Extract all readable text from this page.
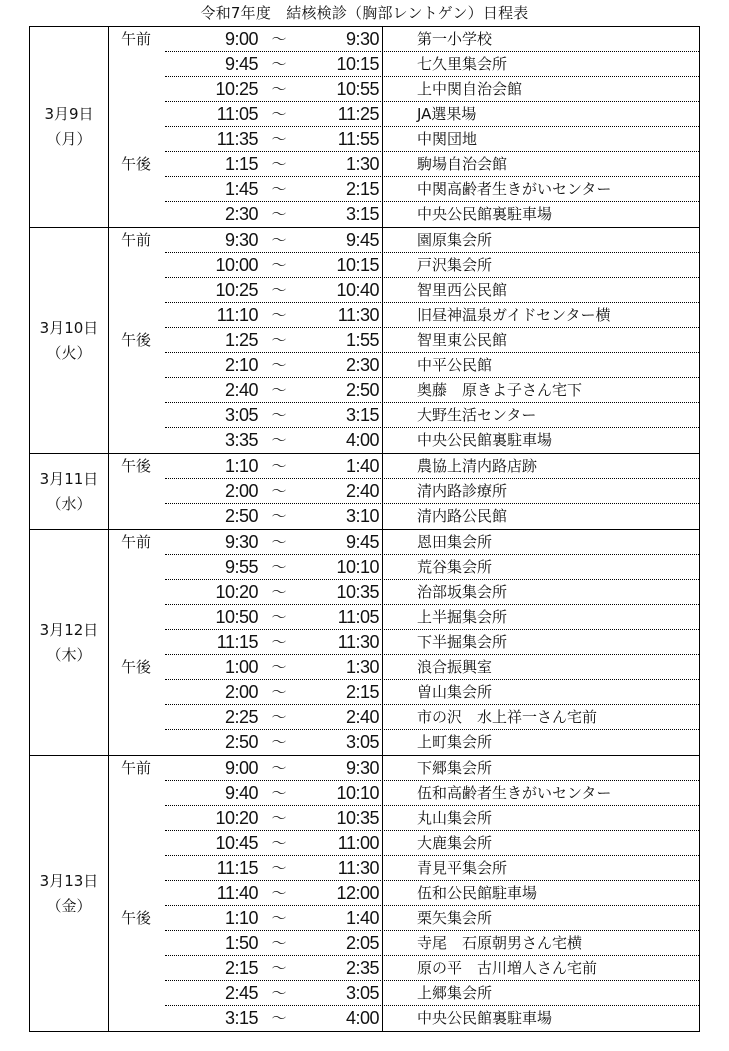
令和7年度　結核検診（胸部レントゲン）日程表
3月9日
（月）
午前	9:00 ～	9:30	第一小学校
9:45 ～	10:15	七久里集会所
10:25 ～	10:55	上中関自治会館
11:05 ～	11:25	JA選果場
11:35 ～	11:55	中関団地
午後	1:15 ～	1:30	駒場自治会館
1:45 ～	2:15	中関高齢者生きがいセンター
2:30 ～	3:15	中央公民館裏駐車場
3月10日
（火）
午前	9:30 ～	9:45	園原集会所
10:00 ～	10:15	戸沢集会所
10:25 ～	10:40	智里西公民館
11:10 ～	11:30	旧昼神温泉ガイドセンター横
午後	1:25 ～	1:55	智里東公民館
2:10 ～	2:30	中平公民館
2:40 ～	2:50	奥藤　原きよ子さん宅下
3:05 ～	3:15	大野生活センター
3:35 ～	4:00	中央公民館裏駐車場
3月11日
（水）
午後	1:10 ～	1:40	農協上清内路店跡
2:00 ～	2:40	清内路診療所
2:50 ～	3:10	清内路公民館
3月12日
（木）
午前	9:30 ～	9:45	恩田集会所
9:55 ～	10:10	荒谷集会所
10:20 ～	10:35	治部坂集会所
10:50 ～	11:05	上半掘集会所
11:15 ～	11:30	下半掘集会所
午後	1:00 ～	1:30	浪合振興室
2:00 ～	2:15	曽山集会所
2:25 ～	2:40	市の沢　水上祥一さん宅前
2:50 ～	3:05	上町集会所
3月13日
（金）
午前	9:00 ～	9:30	下郷集会所
9:40 ～	10:10	伍和高齢者生きがいセンター
10:20 ～	10:35	丸山集会所
10:45 ～	11:00	大鹿集会所
11:15 ～	11:30	青見平集会所
11:40 ～	12:00	伍和公民館駐車場
午後	1:10 ～	1:40	栗矢集会所
1:50 ～	2:05	寺尾　石原朝男さん宅横
2:15 ～	2:35	原の平　古川増人さん宅前
2:45 ～	3:05	上郷集会所
3:15 ～	4:00	中央公民館裏駐車場
